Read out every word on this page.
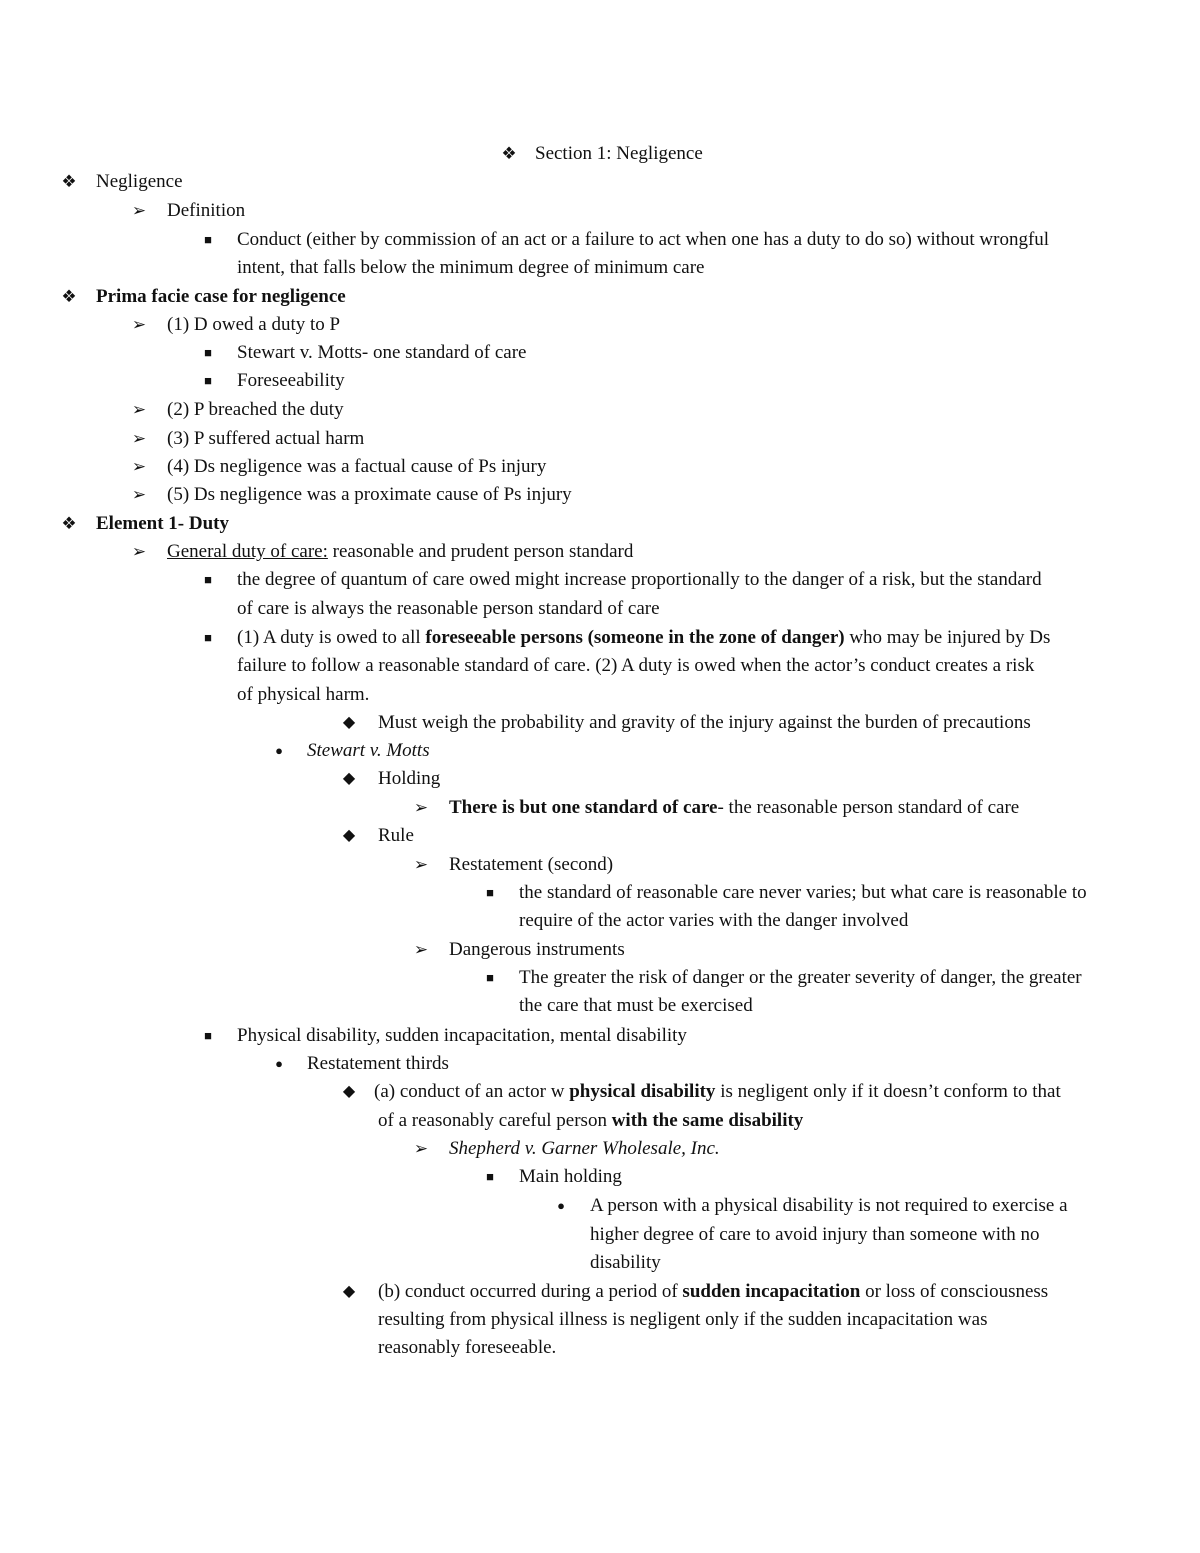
❖ Section 1: Negligence
❖ Negligence
➢ Definition
■	Conduct (either by commission of an act or a failure to act when one has a duty to do so) without wrongful
intent, that falls below the minimum degree of minimum care
❖ Prima facie case for negligence
➢ (1) D owed a duty to P
■	Stewart v. Motts- one standard of care
■	Foreseeability
➢ (2) P breached the duty
➢ (3) P suffered actual harm
➢ (4) Ds negligence was a factual cause of Ps injury
➢ (5) Ds negligence was a proximate cause of Ps injury
❖ Element 1- Duty
➢ General duty of care: reasonable and prudent person standard
■	the degree of quantum of care owed might increase proportionally to the danger of a risk, but the standard
of care is always the reasonable person standard of care
■	(1) A duty is owed to all foreseeable persons (someone in the zone of danger) who may be injured by Ds
failure to follow a reasonable standard of care. (2) A duty is owed when the actor’s conduct creates a risk
of physical harm.
◆	Must weigh the probability and gravity of the injury against the burden of precautions
●	Stewart v. Motts
◆	Holding
➢ There is but one standard of care- the reasonable person standard of care
◆	Rule
➢ Restatement (second)
■	the standard of reasonable care never varies; but what care is reasonable to
require of the actor varies with the danger involved
➢ Dangerous instruments
■	The greater the risk of danger or the greater severity of danger, the greater
the care that must be exercised
■	Physical disability, sudden incapacitation, mental disability
●	Restatement thirds
◆ (a) conduct of an actor w physical disability is negligent only if it doesn’t conform to that
of a reasonably careful person with the same disability
➢ Shepherd v. Garner Wholesale, Inc.
■	Main holding
●	A person with a physical disability is not required to exercise a
higher degree of care to avoid injury than someone with no
disability
◆	(b) conduct occurred during a period of sudden incapacitation or loss of consciousness
resulting from physical illness is negligent only if the sudden incapacitation was
reasonably foreseeable.
